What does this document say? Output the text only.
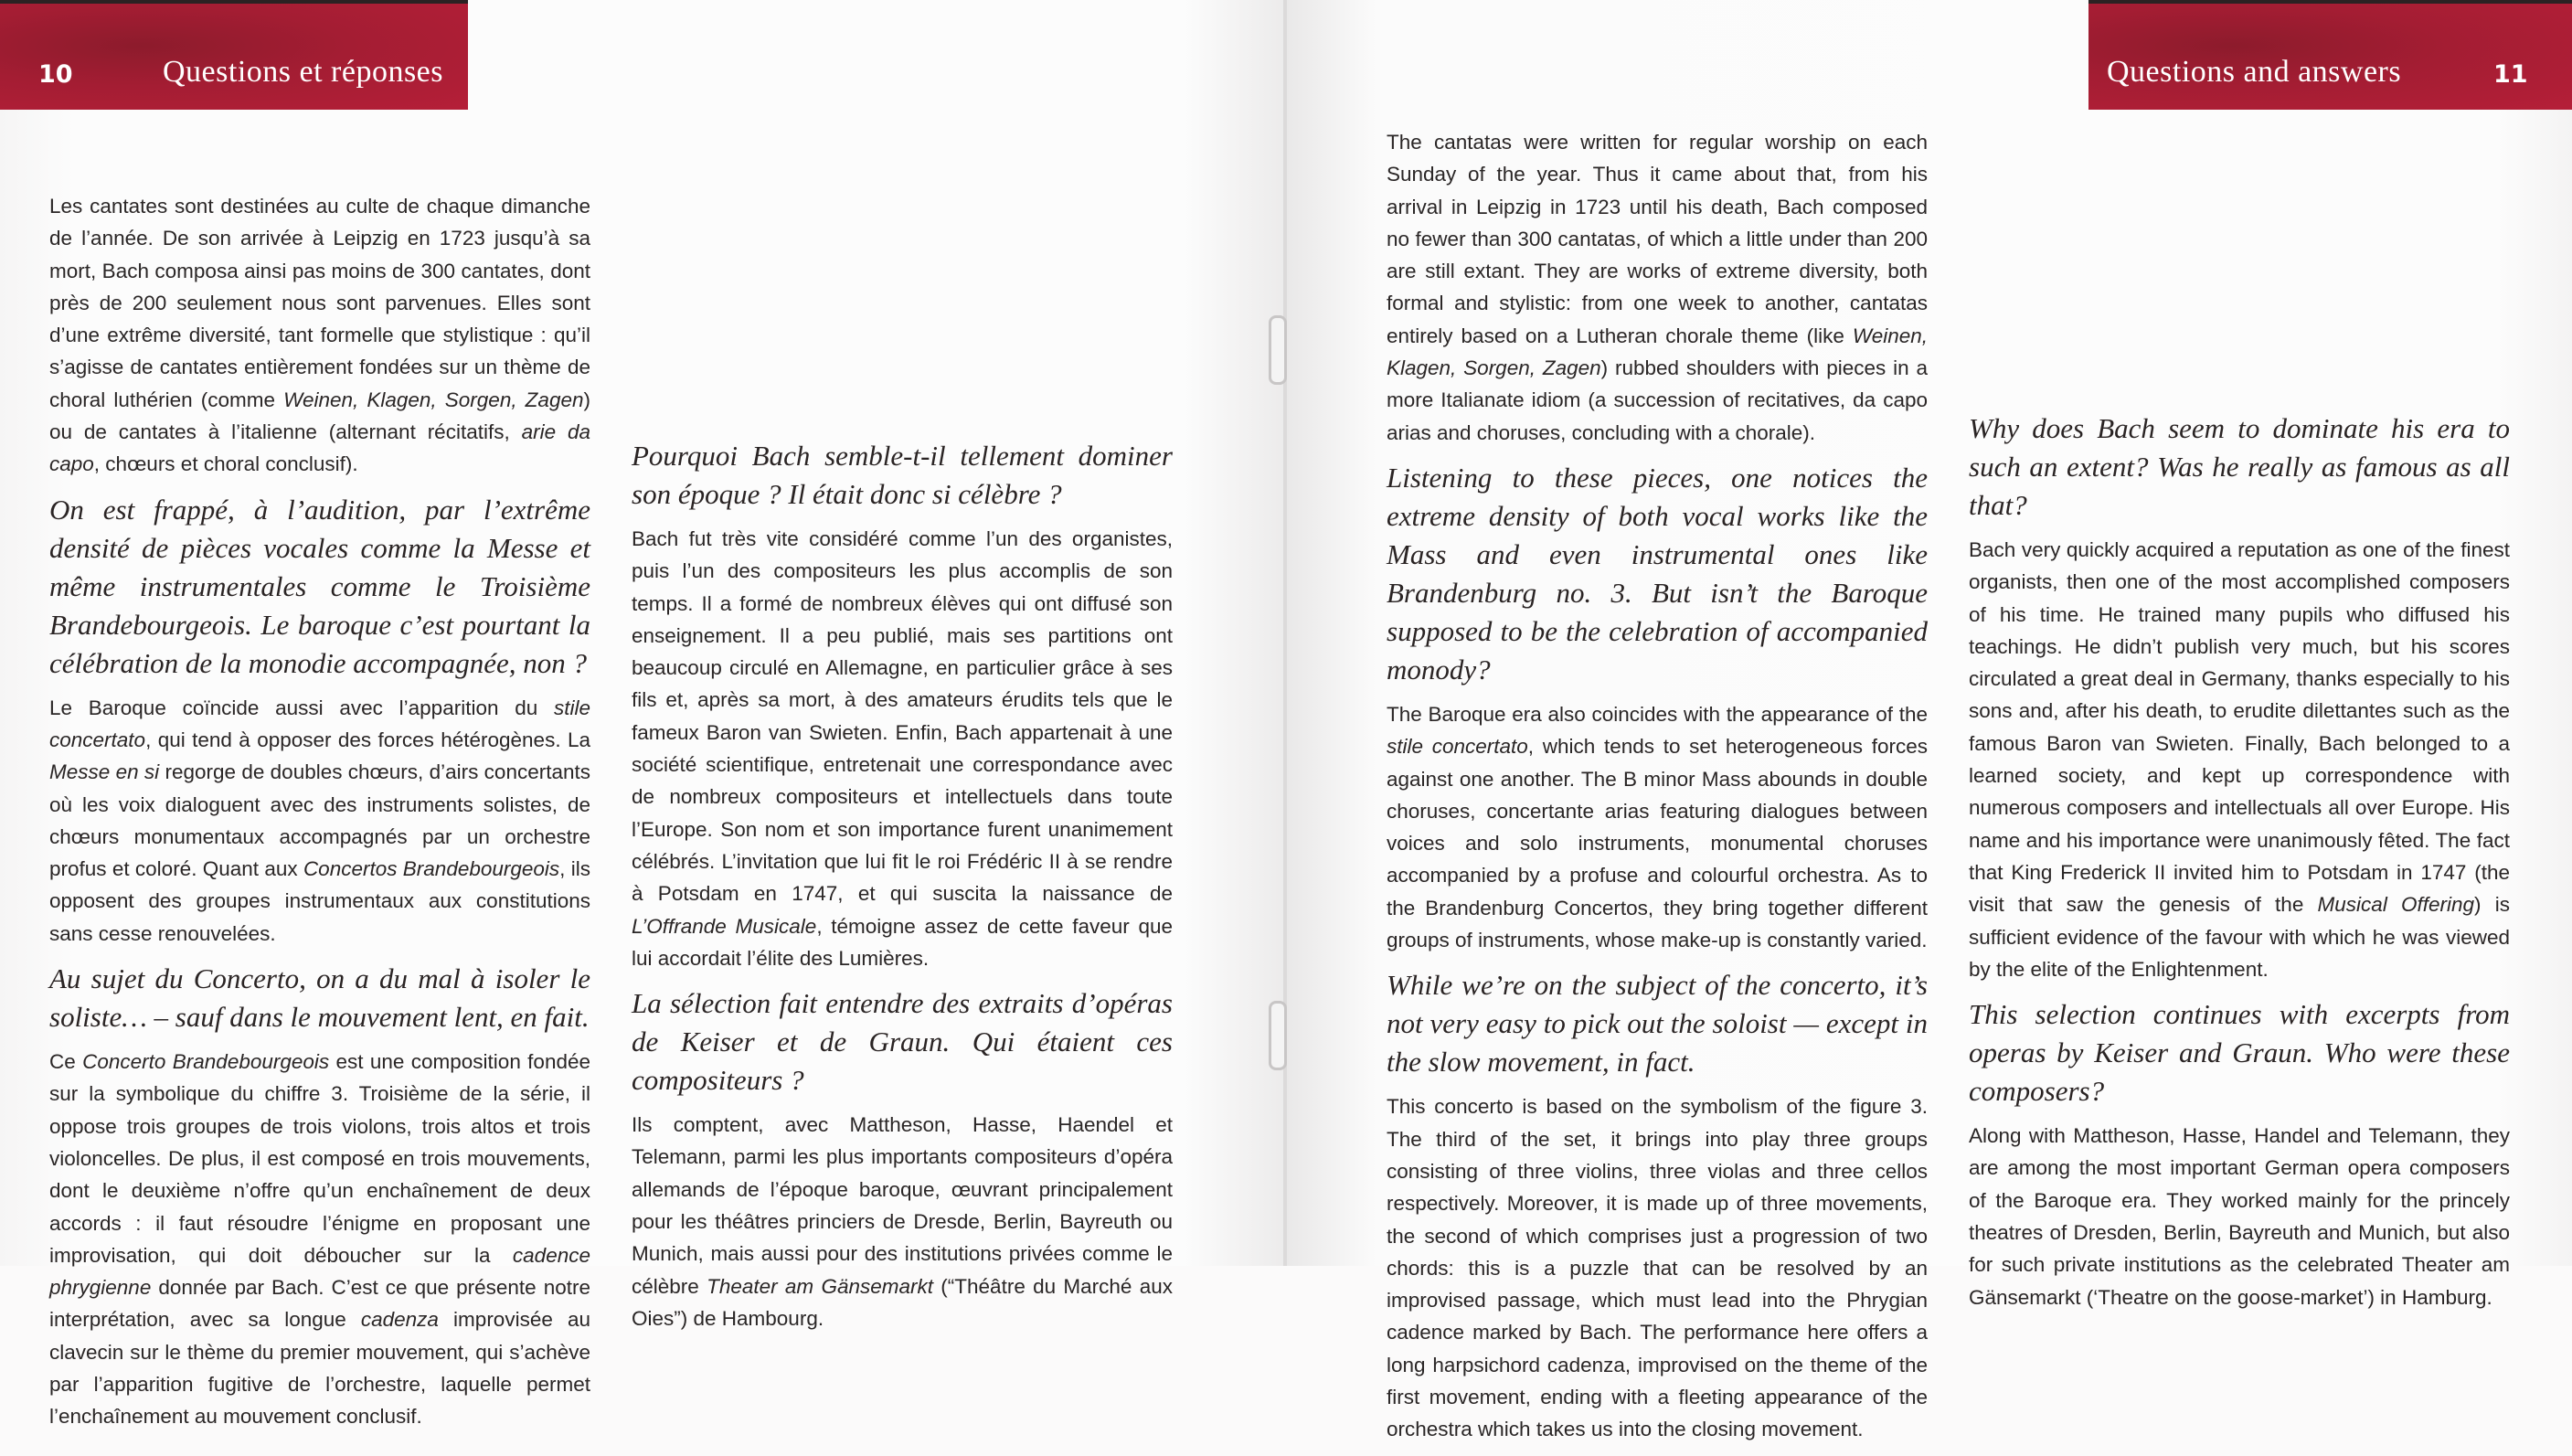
10	Questions et réponses	Questions and answers	11

Les cantates sont destinées au culte de chaque dimanche de l’année. De son arrivée à Leipzig en 1723 jusqu’à sa mort, Bach composa ainsi pas moins de 300 cantates, dont près de 200 seulement nous sont parvenues. Elles sont d’une extrême diversité, tant formelle que stylistique : qu’il s’agisse de cantates entièrement fondées sur un thème de choral luthérien (comme Weinen, Klagen, Sorgen, Zagen) ou de cantates à l’italienne (alternant récitatifs, arie da capo, chœurs et choral conclusif).

On est frappé, à l’audition, par l’extrême densité de pièces vocales comme la Messe et même instrumentales comme le Troisième Brandebourgeois. Le baroque c’est pourtant la célébration de la monodie accompagnée, non ?

Le Baroque coïncide aussi avec l’apparition du stile concertato, qui tend à opposer des forces hétérogènes. La Messe en si regorge de doubles chœurs, d’airs concertants où les voix dialoguent avec des instruments solistes, de chœurs monumentaux accompagnés par un orchestre profus et coloré. Quant aux Concertos Brandebourgeois, ils opposent des groupes instrumentaux aux constitutions sans cesse renouvelées.

Au sujet du Concerto, on a du mal à isoler le soliste… – sauf dans le mouvement lent, en fait.

Ce Concerto Brandebourgeois est une composition fondée sur la symbolique du chiffre 3. Troisième de la série, il oppose trois groupes de trois violons, trois altos et trois violoncelles. De plus, il est composé en trois mouvements, dont le deuxième n’offre qu’un enchaînement de deux accords : il faut résoudre l’énigme en proposant une improvisation, qui doit déboucher sur la cadence phrygienne donnée par Bach. C’est ce que présente notre interprétation, avec sa longue cadenza improvisée au clavecin sur le thème du premier mouvement, qui s’achève par l’apparition fugitive de l’orchestre, laquelle permet l’enchaînement au mouvement conclusif.

Pourquoi Bach semble-t-il tellement dominer son époque ? Il était donc si célèbre ?

Bach fut très vite considéré comme l’un des organistes, puis l’un des compositeurs les plus accomplis de son temps. Il a formé de nombreux élèves qui ont diffusé son enseignement. Il a peu publié, mais ses partitions ont beaucoup circulé en Allemagne, en particulier grâce à ses fils et, après sa mort, à des amateurs érudits tels que le fameux Baron van Swieten. Enfin, Bach appartenait à une société scientifique, entretenait une correspondance avec de nombreux compositeurs et intellectuels dans toute l’Europe. Son nom et son importance furent unanimement célébrés. L’invitation que lui fit le roi Frédéric II à se rendre à Potsdam en 1747, et qui suscita la naissance de L’Offrande Musicale, témoigne assez de cette faveur que lui accordait l’élite des Lumières.

La sélection fait entendre des extraits d’opéras de Keiser et de Graun. Qui étaient ces compositeurs ?

Ils comptent, avec Mattheson, Hasse, Haendel et Telemann, parmi les plus importants compositeurs d’opéra allemands de l’époque baroque, œuvrant principalement pour les théâtres princiers de Dresde, Berlin, Bayreuth ou Munich, mais aussi pour des institutions privées comme le célèbre Theater am Gänsemarkt (“Théâtre du Marché aux Oies”) de Hambourg.

The cantatas were written for regular worship on each Sunday of the year. Thus it came about that, from his arrival in Leipzig in 1723 until his death, Bach composed no fewer than 300 cantatas, of which a little under than 200 are still extant. They are works of extreme diversity, both formal and stylistic: from one week to another, cantatas entirely based on a Lutheran chorale theme (like Weinen, Klagen, Sorgen, Zagen) rubbed shoulders with pieces in a more Italianate idiom (a succession of recitatives, da capo arias and choruses, concluding with a chorale).

Listening to these pieces, one notices the extreme density of both vocal works like the Mass and even instrumental ones like Brandenburg no. 3. But isn’t the Baroque supposed to be the celebration of accompanied monody?

The Baroque era also coincides with the appearance of the stile concertato, which tends to set heterogeneous forces against one another. The B minor Mass abounds in double choruses, concertante arias featuring dialogues between voices and solo instruments, monumental choruses accompanied by a profuse and colourful orchestra. As to the Brandenburg Concertos, they bring together different groups of instruments, whose make-up is constantly varied.

While we’re on the subject of the concerto, it’s not very easy to pick out the soloist — except in the slow movement, in fact.

This concerto is based on the symbolism of the figure 3. The third of the set, it brings into play three groups consisting of three violins, three violas and three cellos respectively. Moreover, it is made up of three movements, the second of which comprises just a progression of two chords: this is a puzzle that can be resolved by an improvised passage, which must lead into the Phrygian cadence marked by Bach. The performance here offers a long harpsichord cadenza, improvised on the theme of the first movement, ending with a fleeting appearance of the orchestra which takes us into the closing movement.

Why does Bach seem to dominate his era to such an extent? Was he really as famous as all that?

Bach very quickly acquired a reputation as one of the finest organists, then one of the most accomplished composers of his time. He trained many pupils who diffused his teachings. He didn’t publish very much, but his scores circulated a great deal in Germany, thanks especially to his sons and, after his death, to erudite dilettantes such as the famous Baron van Swieten. Finally, Bach belonged to a learned society, and kept up correspondence with numerous composers and intellectuals all over Europe. His name and his importance were unanimously fêted. The fact that King Frederick II invited him to Potsdam in 1747 (the visit that saw the genesis of the Musical Offering) is sufficient evidence of the favour with which he was viewed by the elite of the Enlightenment.

This selection continues with excerpts from operas by Keiser and Graun. Who were these composers?

Along with Mattheson, Hasse, Handel and Telemann, they are among the most important German opera composers of the Baroque era. They worked mainly for the princely theatres of Dresden, Berlin, Bayreuth and Munich, but also for such private institutions as the celebrated Theater am Gänsemarkt (‘Theatre on the goose-market’) in Hamburg.
